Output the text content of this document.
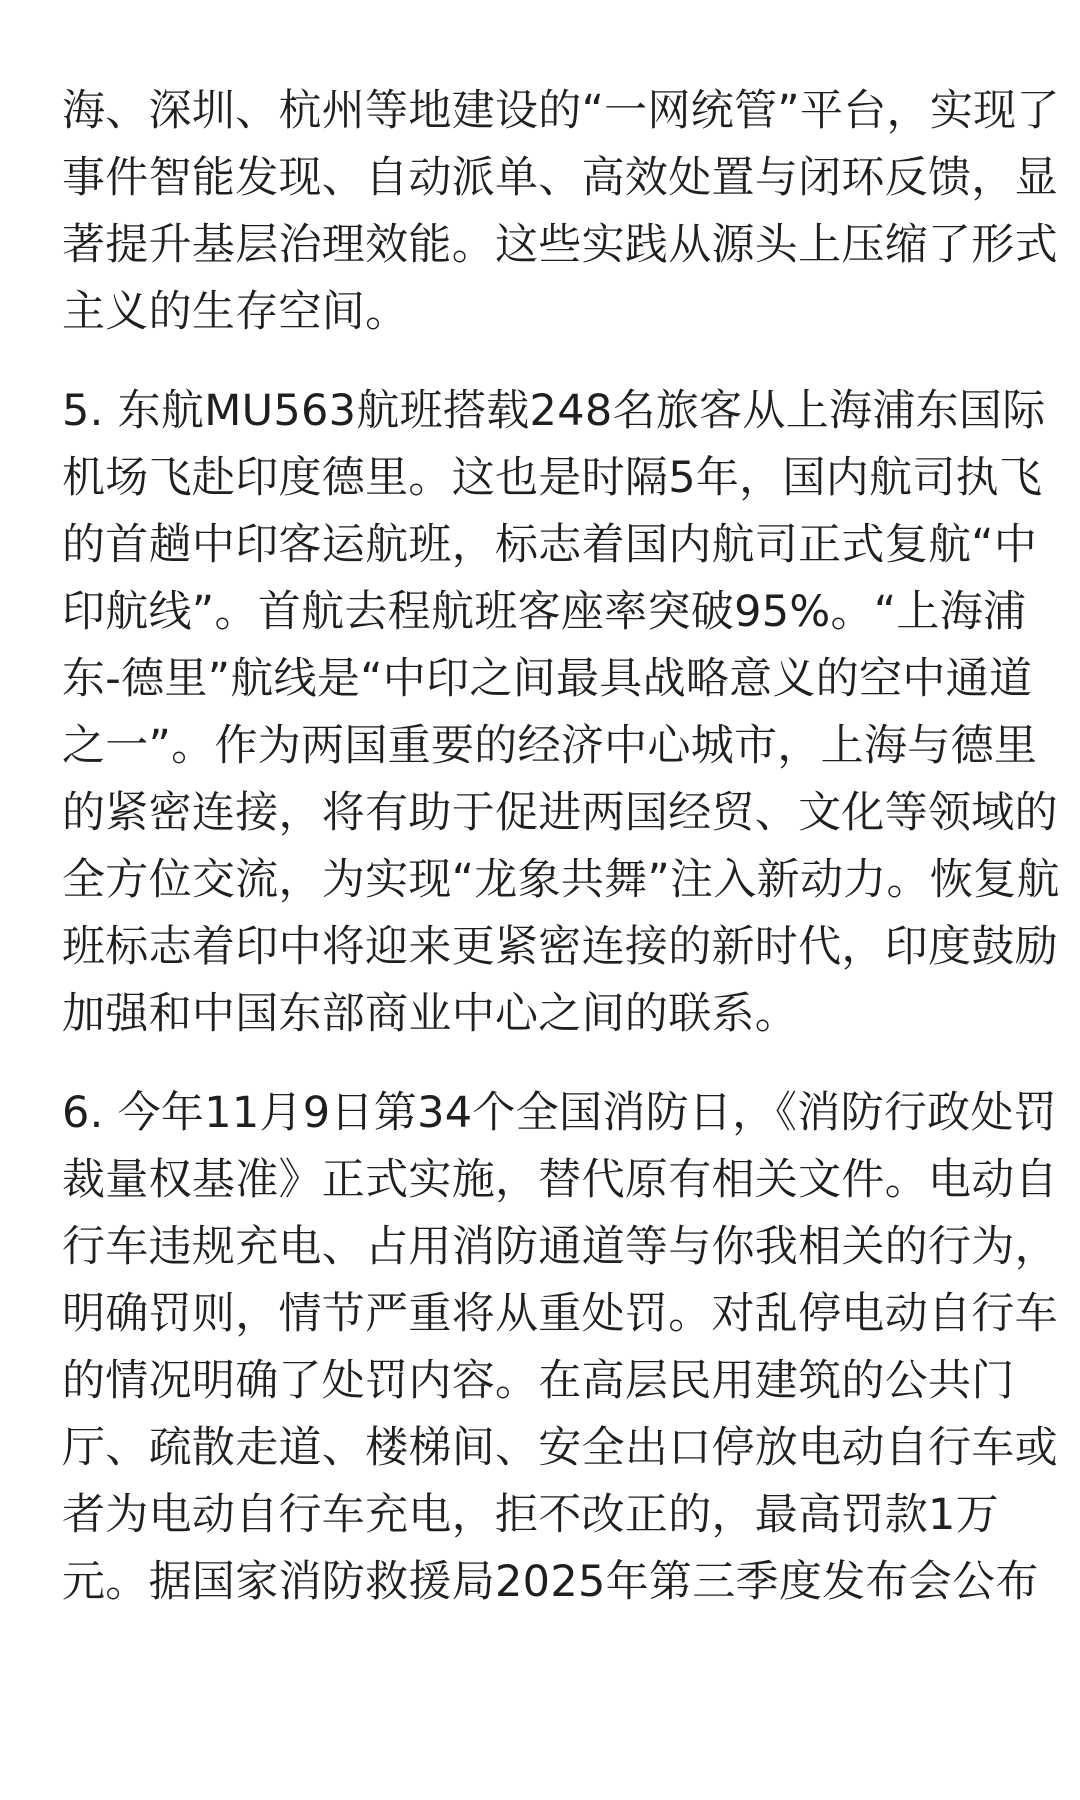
海、深圳、杭州等地建设的“一网统管”平台，实现了
事件智能发现、自动派单、高效处置与闭环反馈，显
著提升基层治理效能。这些实践从源头上压缩了形式
主义的生存空间。
5. 东航MU563航班搭载248名旅客从上海浦东国际
机场飞赴印度德里。这也是时隔5年，国内航司执飞
的首趟中印客运航班，标志着国内航司正式复航“中
印航线”。首航去程航班客座率突破95%。“上海浦
东-德里”航线是“中印之间最具战略意义的空中通道
之一”。作为两国重要的经济中心城市，上海与德里
的紧密连接，将有助于促进两国经贸、文化等领域的
全方位交流，为实现“龙象共舞”注入新动力。恢复航
班标志着印中将迎来更紧密连接的新时代，印度鼓励
加强和中国东部商业中心之间的联系。
6. 今年11月9日第34个全国消防日，《消防行政处罚
裁量权基准》正式实施，替代原有相关文件。电动自
行车违规充电、占用消防通道等与你我相关的行为，
明确罚则，情节严重将从重处罚。对乱停电动自行车
的情况明确了处罚内容。在高层民用建筑的公共门
厅、疏散走道、楼梯间、安全出口停放电动自行车或
者为电动自行车充电，拒不改正的，最高罚款1万
元。据国家消防救援局2025年第三季度发布会公布
